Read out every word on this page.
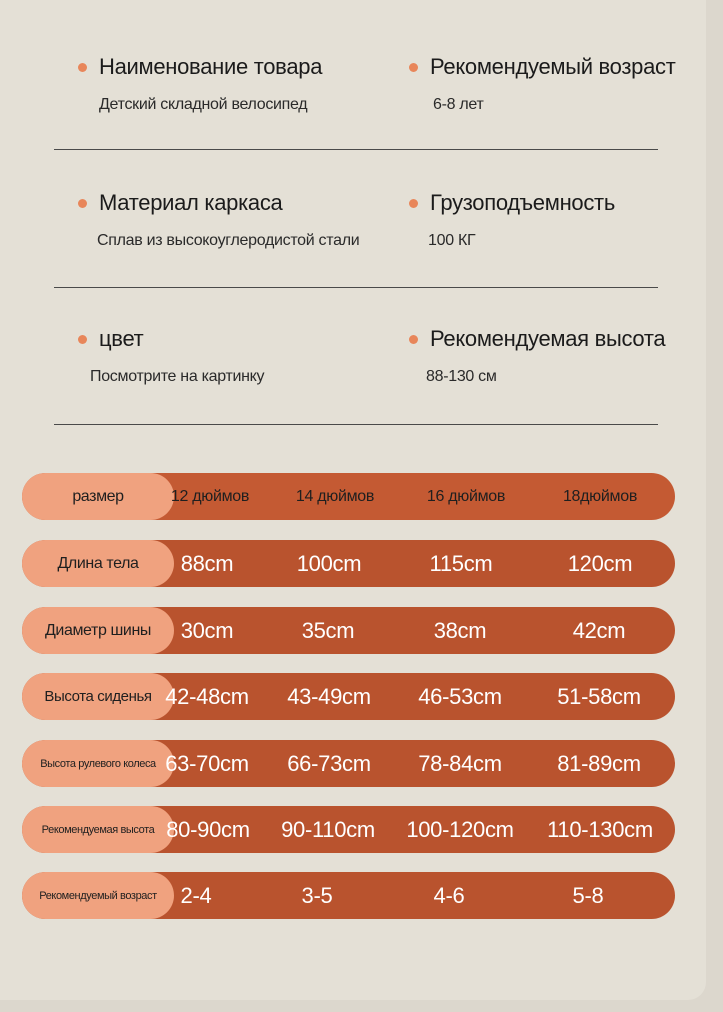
Наименование товара
Детский складной велосипед
Рекомендуемый возраст
6-8 лет
Материал каркаса
Сплав из высокоуглеродистой стали
Грузоподъемность
100 КГ
цвет
Посмотрите на картинку
Рекомендуемая высота
88-130 см
размер	12 дюймов	14 дюймов	16 дюймов	18дюймов
Длина тела	88cm	100cm	115cm	120cm
Диаметр шины	30cm	35cm	38cm	42cm
Высота сиденья 42-48cm	43-49cm	46-53cm	51-58cm
Высота рулевого колеса 63-70cm	66-73cm	78-84cm	81-89cm
Рекомендуемая высота 80-90cm	90-110cm	100-120cm	110-130cm
Рекомендуемый возраст	2-4	3-5	4-6	5-8
